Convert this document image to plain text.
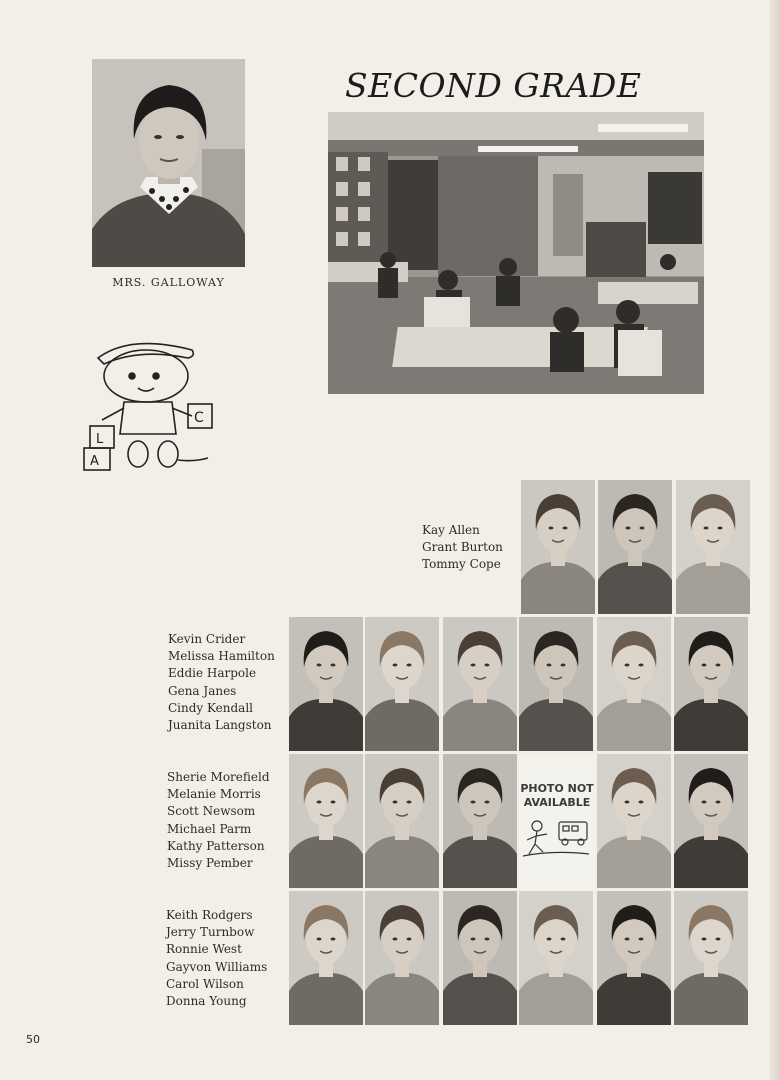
SECOND GRADE
MRS. GALLOWAY
C
L
A
Kay Allen
Grant Burton
Tommy Cope
Kevin Crider
Melissa Hamilton
Eddie Harpole
Gena Janes
Cindy Kendall
Juanita Langston
Sherie Morefield
Melanie Morris
Scott Newsom
Michael Parm
Kathy Patterson
Missy Pember
Keith Rodgers
Jerry Turnbow
Ronnie West
Gayvon Williams
Carol Wilson
Donna Young
PHOTO NOT
AVAILABLE
50
